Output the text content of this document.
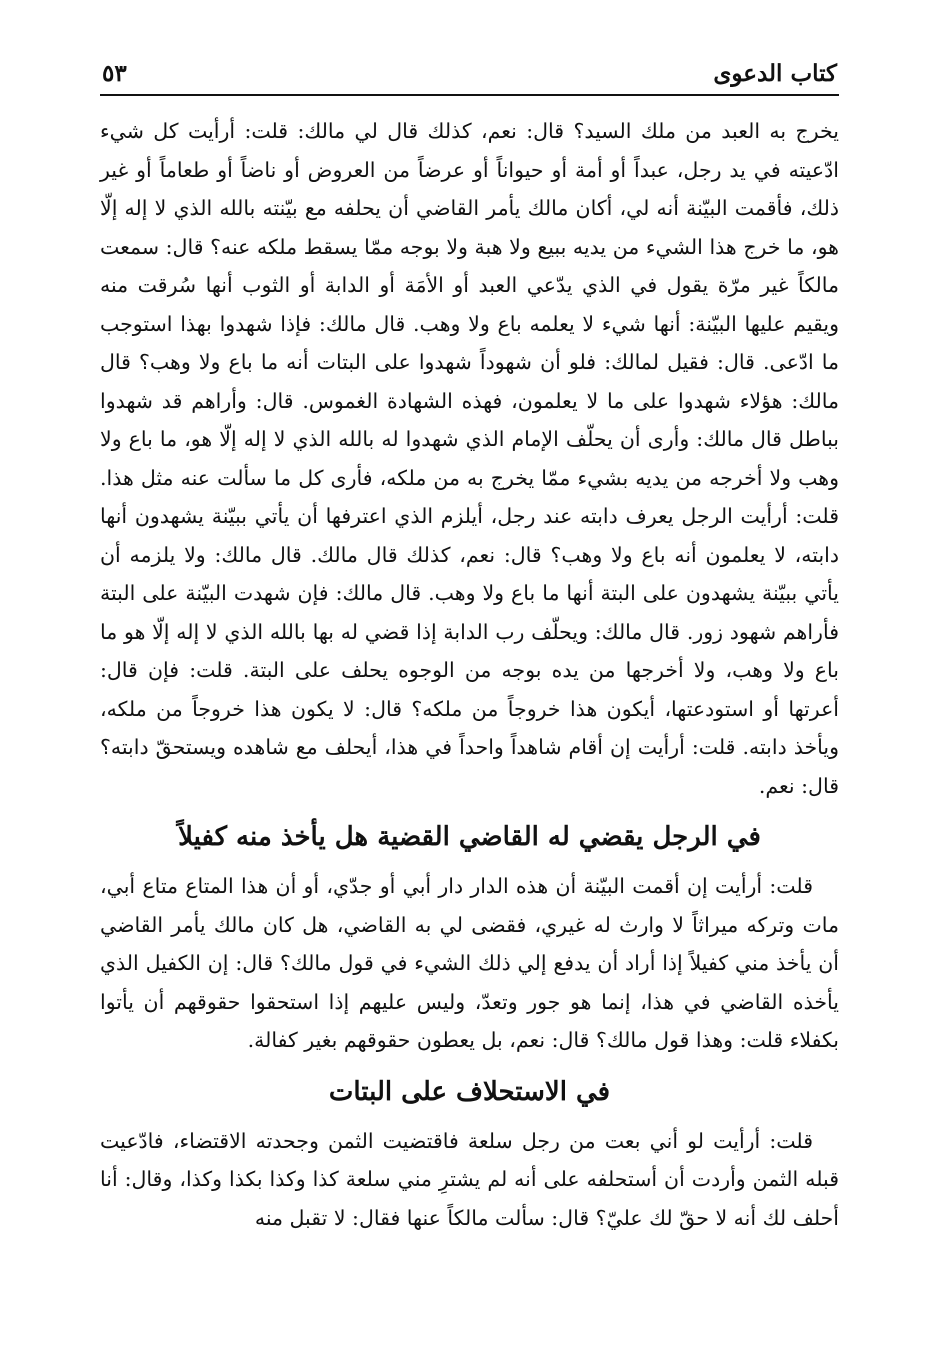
كتاب الدعوى
٥٣

يخرج به العبد من ملك السيد؟ قال: نعم، كذلك قال لي مالك: قلت: أرأيت كل شيء ادّعيته في يد رجل، عبداً أو أمة أو حيواناً أو عرضاً من العروض أو ناضاً أو طعاماً أو غير ذلك، فأقمت البيّنة أنه لي، أكان مالك يأمر القاضي أن يحلفه مع بيّنته بالله الذي لا إله إلّا هو، ما خرج هذا الشيء من يديه ببيع ولا هبة ولا بوجه ممّا يسقط ملكه عنه؟ قال: سمعت مالكاً غير مرّة يقول في الذي يدّعي العبد أو الأمَة أو الدابة أو الثوب أنها سُرقت منه ويقيم عليها البيّنة: أنها شيء لا يعلمه باع ولا وهب. قال مالك: فإذا شهدوا بهذا استوجب ما ادّعى. قال: فقيل لمالك: فلو أن شهوداً شهدوا على البتات أنه ما باع ولا وهب؟ قال مالك: هؤلاء شهدوا على ما لا يعلمون، فهذه الشهادة الغموس. قال: وأراهم قد شهدوا بباطل قال مالك: وأرى أن يحلّف الإمام الذي شهدوا له بالله الذي لا إله إلّا هو، ما باع ولا وهب ولا أخرجه من يديه بشيء ممّا يخرج به من ملكه، فأرى كل ما سألت عنه مثل هذا. قلت: أرأيت الرجل يعرف دابته عند رجل، أيلزم الذي اعترفها أن يأتي ببيّنة يشهدون أنها دابته، لا يعلمون أنه باع ولا وهب؟ قال: نعم، كذلك قال مالك. قال مالك: ولا يلزمه أن يأتي ببيّنة يشهدون على البتة أنها ما باع ولا وهب. قال مالك: فإن شهدت البيّنة على البتة فأراهم شهود زور. قال مالك: ويحلّف رب الدابة إذا قضي له بها بالله الذي لا إله إلّا هو ما باع ولا وهب، ولا أخرجها من يده بوجه من الوجوه يحلف على البتة. قلت: فإن قال: أعرتها أو استودعتها، أيكون هذا خروجاً من ملكه؟ قال: لا يكون هذا خروجاً من ملكه، ويأخذ دابته. قلت: أرأيت إن أقام شاهداً واحداً في هذا، أيحلف مع شاهده ويستحقّ دابته؟ قال: نعم.

في الرجل يقضي له القاضي القضية هل يأخذ منه كفيلاً

قلت: أرأيت إن أقمت البيّنة أن هذه الدار دار أبي أو جدّي، أو أن هذا المتاع متاع أبي، مات وتركه ميراثاً لا وارث له غيري، فقضى لي به القاضي، هل كان مالك يأمر القاضي أن يأخذ مني كفيلاً إذا أراد أن يدفع إلي ذلك الشيء في قول مالك؟ قال: إن الكفيل الذي يأخذه القاضي في هذا، إنما هو جور وتعدّ، وليس عليهم إذا استحقوا حقوقهم أن يأتوا بكفلاء قلت: وهذا قول مالك؟ قال: نعم، بل يعطون حقوقهم بغير كفالة.

في الاستحلاف على البتات

قلت: أرأيت لو أني بعت من رجل سلعة فاقتضيت الثمن وجحدته الاقتضاء، فادّعيت قبله الثمن وأردت أن أستحلفه على أنه لم يشترِ مني سلعة كذا وكذا بكذا وكذا، وقال: أنا أحلف لك أنه لا حقّ لك عليّ؟ قال: سألت مالكاً عنها فقال: لا تقبل منه
